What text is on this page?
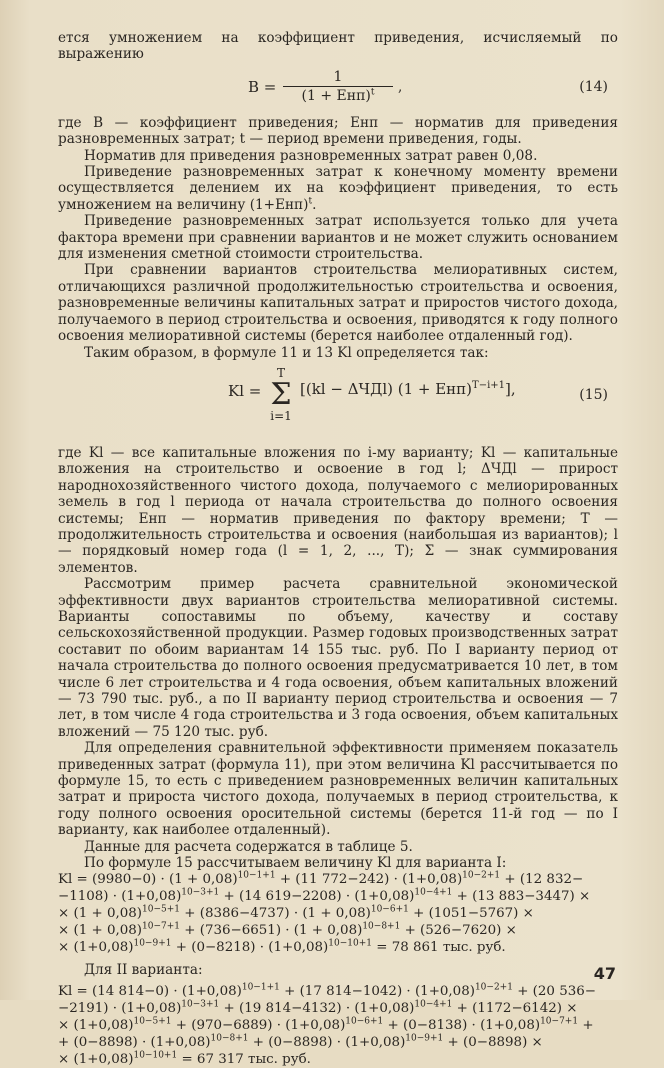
ется умножением на коэффициент приведения, исчисляемый по выражению

B =
1
(1 + Eнп)$^t$	,	(14)

где B — коэффициент приведения; Eнп — норматив для приведения разновременных затрат; t — период времени приведения, годы.

Норматив для приведения разновременных затрат равен 0,08.

Приведение разновременных затрат к конечному моменту времени осуществляется делением их на коэффициент приведения, то есть умножением на величину $(1+Eнп)^t$.

Приведение разновременных затрат используется только для учета фактора времени при сравнении вариантов и не может служить основанием для изменения сметной стоимости строительства.

При сравнении вариантов строительства мелиоративных систем, отличающихся различной продолжительностью строительства и освоения, разновременные величины капитальных затрат и приростов чистого дохода, получаемого в период строительства и освоения, приводятся к году полного освоения мелиоративной системы (берется наиболее отдаленный год).

Таким образом, в формуле 11 и 13 Kl определяется так:

Kl =
T
Σ
i=1
[(kl − ΔЧДl) (1 + Eнп)$^{T-i+1}$],	(15)

где Kl — все капитальные вложения по i-му варианту; Kl — капитальные вложения на строительство и освоение в год l; ΔЧДl — прирост народнохозяйственного чистого дохода, получаемого с мелиорированных земель в год l периода от начала строительства до полного освоения системы; Eнп — норматив приведения по фактору времени; T — продолжительность строительства и освоения (наибольшая из вариантов); l — порядковый номер года (l = 1, 2, ..., T); Σ — знак суммирования элементов.

Рассмотрим пример расчета сравнительной экономической эффективности двух вариантов строительства мелиоративной системы. Варианты сопоставимы по объему, качеству и составу сельскохозяйственной продукции. Размер годовых производственных затрат составит по обоим вариантам 14 155 тыс. руб. По I варианту период от начала строительства до полного освоения предусматривается 10 лет, в том числе 6 лет строительства и 4 года освоения, объем капитальных вложений — 73 790 тыс. руб., а по II варианту период строительства и освоения — 7 лет, в том числе 4 года строительства и 3 года освоения, объем капитальных вложений — 75 120 тыс. руб.

Для определения сравнительной эффективности применяем показатель приведенных затрат (формула 11), при этом величина Kl рассчитывается по формуле 15, то есть с приведением разновременных величин капитальных затрат и прироста чистого дохода, получаемых в период строительства, к году полного освоения оросительной системы (берется 11-й год — по I варианту, как наиболее отдаленный).

Данные для расчета содержатся в таблице 5.

По формуле 15 рассчитываем величину Kl для варианта I:

$Kl = (9980-0) \cdot (1 + 0,08)^{10-1+1} + (11$ $772-242) \cdot (1+0,08)^{10-2+1} + (12$ 832−
$-1108) \cdot (1+0,08)^{10-3+1} + (14$ $619-2208) \cdot (1+0,08)^{10-4+1} + (13$ 883−3447) ×
× $(1 + 0,08)^{10-5+1} + (8386-4737) \cdot (1 + 0,08)^{10-6+1} + (1051-5767)$ ×
× $(1 + 0,08)^{10-7+1} + (736-6651) \cdot (1 + 0,08)^{10-8+1} + (526-7620)$ ×
× $(1+0,08)^{10-9+1} + (0-8218) \cdot (1+0,08)^{10-10+1} = 78$ 861 тыс. руб.

Для II варианта:

Kl = (14 $814-0) \cdot (1+0,08)^{10-1+1} + (17$ $814-1042) \cdot (1+0,08)^{10-2+1} + (20$ 536−
$-2191) \cdot (1+0,08)^{10-3+1} + (19$ $814-4132) \cdot (1+0,08)^{10-4+1} + (1172-6142)$ ×
× $(1+0,08)^{10-5+1} + (970-6889) \cdot (1+0,08)^{10-6+1} + (0-8138) \cdot (1+0,08)^{10-7+1}$ +
+ $(0-8898) \cdot (1+0,08)^{10-8+1} + (0-8898) \cdot (1+0,08)^{10-9+1} + (0-8898)$ ×
× $(1+0,08)^{10-10+1} = 67$ 317 тыс. руб.
47
